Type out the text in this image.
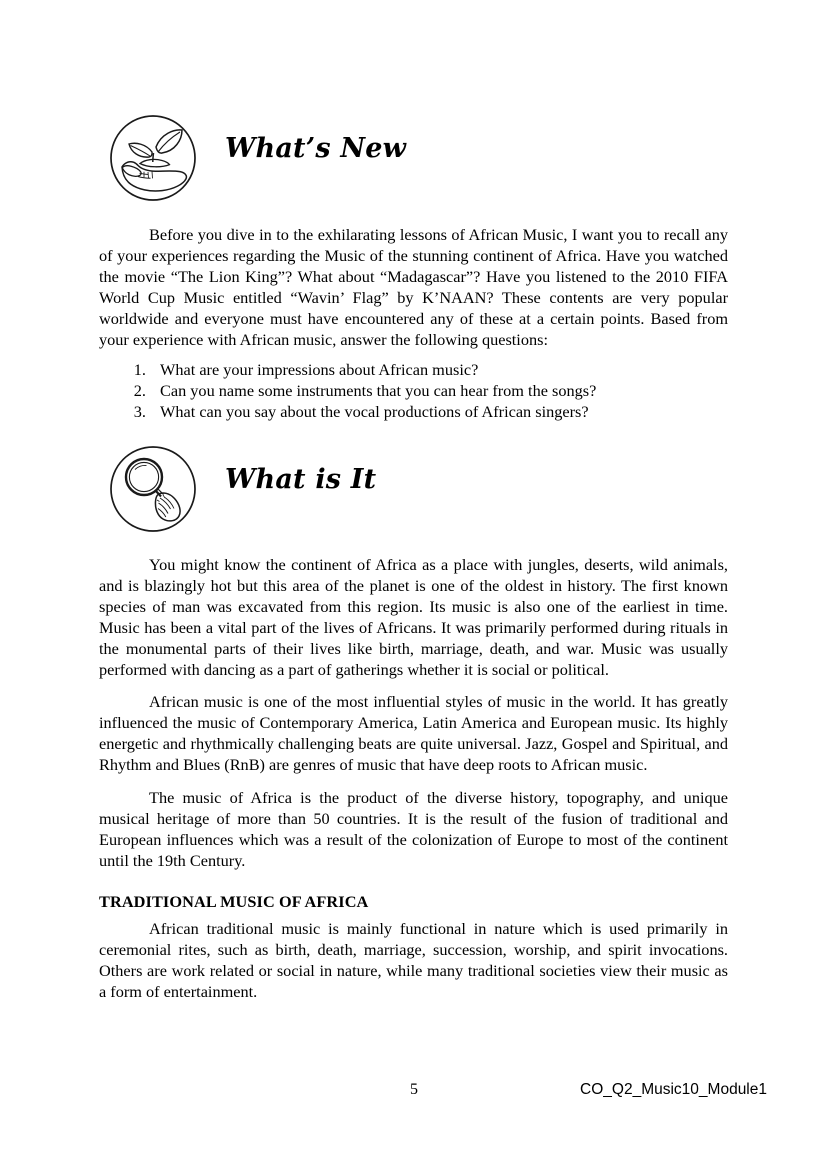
What’s New

Before you dive in to the exhilarating lessons of African Music, I want you to recall any of your experiences regarding the Music of the stunning continent of Africa. Have you watched the movie “The Lion King”? What about “Madagascar”? Have you listened to the 2010 FIFA World Cup Music entitled “Wavin’ Flag” by K’NAAN? These contents are very popular worldwide and everyone must have encountered any of these at a certain points. Based from your experience with African music, answer the following questions:

1. What are your impressions about African music?
2. Can you name some instruments that you can hear from the songs?
3. What can you say about the vocal productions of African singers?
What is It

You might know the continent of Africa as a place with jungles, deserts, wild animals, and is blazingly hot but this area of the planet is one of the oldest in history. The first known species of man was excavated from this region. Its music is also one of the earliest in time. Music has been a vital part of the lives of Africans. It was primarily performed during rituals in the monumental parts of their lives like birth, marriage, death, and war. Music was usually performed with dancing as a part of gatherings whether it is social or political.

African music is one of the most influential styles of music in the world. It has greatly influenced the music of Contemporary America, Latin America and European music. Its highly energetic and rhythmically challenging beats are quite universal. Jazz, Gospel and Spiritual, and Rhythm and Blues (RnB) are genres of music that have deep roots to African music.

The music of Africa is the product of the diverse history, topography, and unique musical heritage of more than 50 countries. It is the result of the fusion of traditional and European influences which was a result of the colonization of Europe to most of the continent until the 19th Century.

TRADITIONAL MUSIC OF AFRICA

African traditional music is mainly functional in nature which is used primarily in ceremonial rites, such as birth, death, marriage, succession, worship, and spirit invocations. Others are work related or social in nature, while many traditional societies view their music as a form of entertainment.

5	CO_Q2_Music10_Module1
